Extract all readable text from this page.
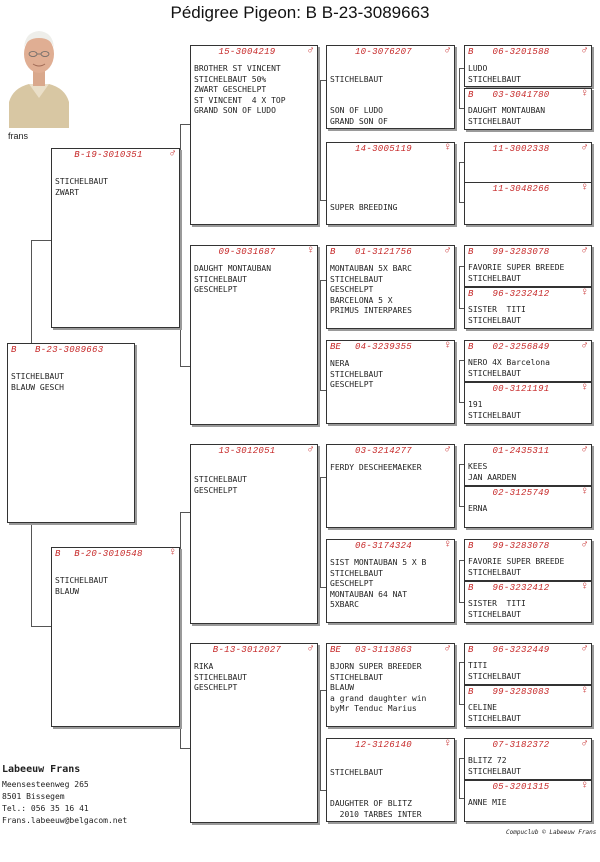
Pédigree Pigeon: B B-23-3089663
frans
B	B-23-3089663
STICHELBAUT
BLAUW GESCH
B-19-3010351	♂
STICHELBAUT
ZWART
B	B-20-3010548	♀
STICHELBAUT
BLAUW
15-3004219	♂
BROTHER ST VINCENT
STICHELBAUT 50%
ZWART GESCHELPT
ST VINCENT  4 X TOP
GRAND SON OF LUDO
09-3031687	♀
DAUGHT MONTAUBAN
STICHELBAUT
GESCHELPT
13-3012051	♂
STICHELBAUT
GESCHELPT
B-13-3012027	♂
RIKA
STICHELBAUT
GESCHELPT
10-3076207	♂

STICHELBAUT

SON OF LUDO
GRAND SON OF
14-3005119	♀

SUPER BREEDING
B	01-3121756	♂
MONTAUBAN 5X BARC
STICHELBAUT
GESCHELPT
BARCELONA 5 X
PRIMUS INTERPARES
BE	04-3239355	♀
NERA
STICHELBAUT
GESCHELPT
03-3214277	♂
FERDY DESCHEEMAEKER
06-3174324	♀
SIST MONTAUBAN 5 X B
STICHELBAUT
GESCHELPT
MONTAUBAN 64 NAT
5XBARC
BE	03-3113863	♂
BJORN SUPER BREEDER
STICHELBAUT
BLAUW
a grand daughter win
byMr Tenduc Marius
12-3126140	♀

STICHELBAUT

DAUGHTER OF BLITZ
2010 TARBES INTER
B	06-3201588	♂
LUDO
STICHELBAUT
B	03-3041780	♀
DAUGHT MONTAUBAN
STICHELBAUT
11-3002338	♂
11-3048266	♀
B	99-3283078	♂
FAVORIE SUPER BREEDE
STICHELBAUT
B	96-3232412	♀
SISTER  TITI
STICHELBAUT
B	02-3256849	♂
NERO 4X Barcelona
STICHELBAUT
00-3121191	♀
191
STICHELBAUT
01-2435311	♂
KEES
JAN AARDEN
02-3125749	♀
ERNA
B	99-3283078	♂
FAVORIE SUPER BREEDE
STICHELBAUT
B	96-3232412	♀
SISTER  TITI
STICHELBAUT
B	96-3232449	♂
TITI
STICHELBAUT
B	99-3283083	♀
CELINE
STICHELBAUT
07-3182372	♂
BLITZ 72
STICHELBAUT
05-3201315	♀
ANNE MIE
Labeeuw Frans
Meensesteenweg 265
8501 Bissegem
Tel.: 056 35 16 41
Frans.labeeuw@belgacom.net
Compuclub © Labeeuw Frans
